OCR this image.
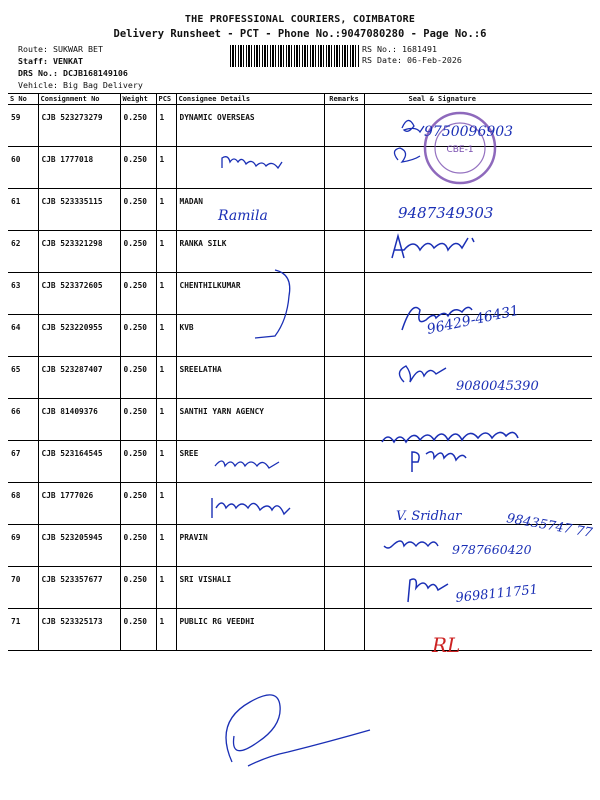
THE PROFESSIONAL COURIERS, COIMBATORE
Delivery Runsheet - PCT - Phone No.:9047080280 - Page No.:6
Route: SUKWAR BET
Staff: VENKAT
DRS No.: DCJB168149106
Vehicle: Big Bag Delivery
RS No.: 1681491
RS Date: 06-Feb-2026
S No	Consignment No	Weight	PCS	Consignee Details	Remarks	Seal & Signature
59	CJB 523273279	0.250	1	DYNAMIC OVERSEAS		
60	CJB 1777018	0.250	1			
61	CJB 523335115	0.250	1	MADAN		
62	CJB 523321298	0.250	1	RANKA SILK		
63	CJB 523372605	0.250	1	CHENTHILKUMAR		
64	CJB 523220955	0.250	1	KVB		
65	CJB 523287407	0.250	1	SREELATHA		
66	CJB 81409376	0.250	1	SANTHI YARN AGENCY		
67	CJB 523164545	0.250	1	SREE		
68	CJB 1777026	0.250	1			
69	CJB 523205945	0.250	1	PRAVIN		
70	CJB 523357677	0.250	1	SRI VISHALI		
71	CJB 523325173	0.250	1	PUBLIC RG VEEDHI		
CBE-1
9750096903
Ramila	9487349303
96429-46431
9080045390
V. Sridhar	98435747 77
9787660420
9698111751
RL
